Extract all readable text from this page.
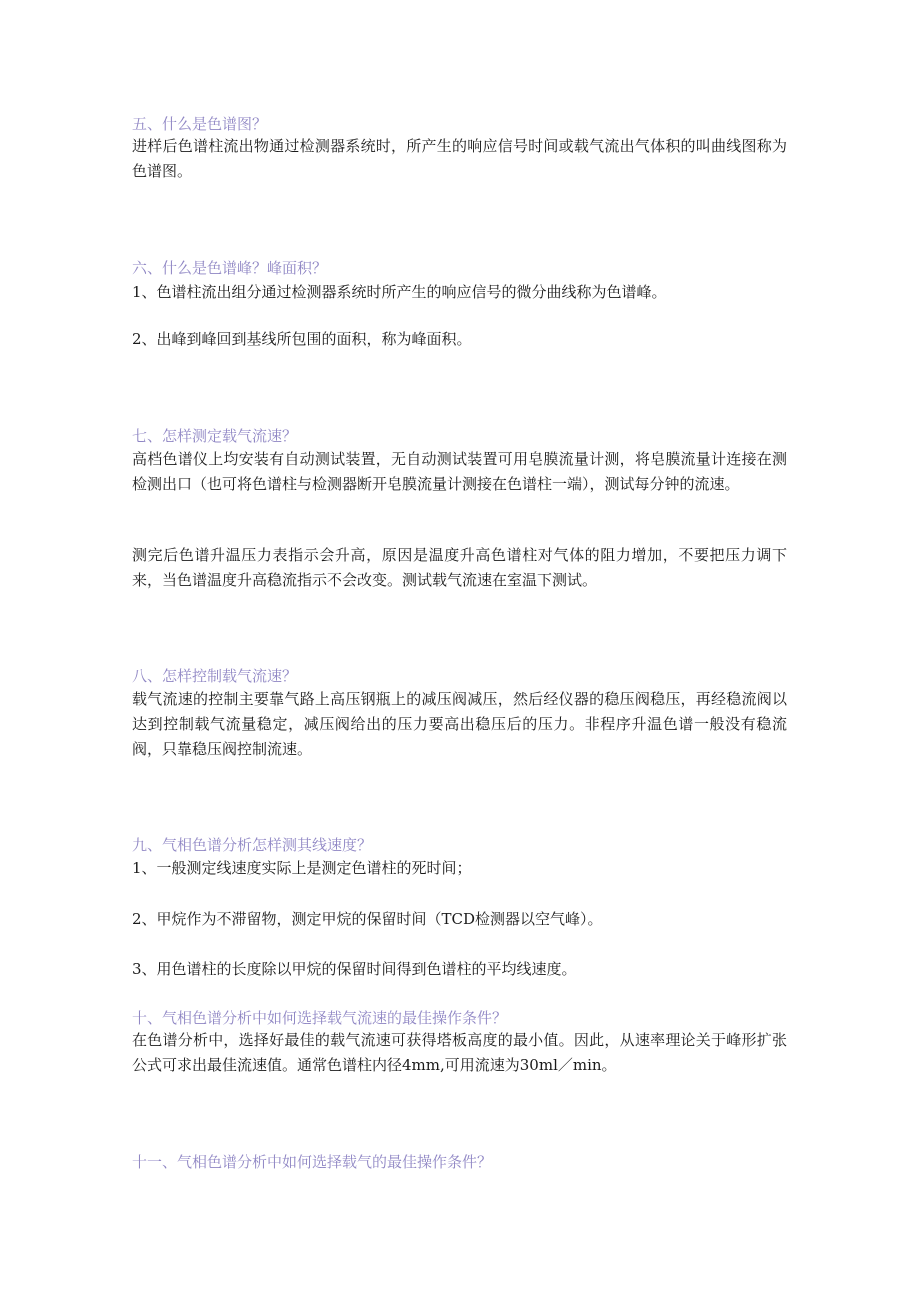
五、什么是色谱图？

进样后色谱柱流出物通过检测器系统时，所产生的响应信号时间或载气流出气体积的叫曲线图称为色谱图。

六、什么是色谱峰？峰面积？

1、色谱柱流出组分通过检测器系统时所产生的响应信号的微分曲线称为色谱峰。

2、出峰到峰回到基线所包围的面积，称为峰面积。

七、怎样测定载气流速？

高档色谱仪上均安装有自动测试装置，无自动测试装置可用皂膜流量计测，将皂膜流量计连接在测检测出口（也可将色谱柱与检测器断开皂膜流量计测接在色谱柱一端），测试每分钟的流速。

测完后色谱升温压力表指示会升高，原因是温度升高色谱柱对气体的阻力增加，不要把压力调下来，当色谱温度升高稳流指示不会改变。测试载气流速在室温下测试。

八、怎样控制载气流速？

载气流速的控制主要靠气路上高压钢瓶上的减压阀减压，然后经仪器的稳压阀稳压，再经稳流阀以达到控制载气流量稳定，减压阀给出的压力要高出稳压后的压力。非程序升温色谱一般没有稳流阀，只靠稳压阀控制流速。

九、气相色谱分析怎样测其线速度？

1、一般测定线速度实际上是测定色谱柱的死时间；

2、甲烷作为不滞留物，测定甲烷的保留时间（TCD检测器以空气峰）。

3、用色谱柱的长度除以甲烷的保留时间得到色谱柱的平均线速度。

十、气相色谱分析中如何选择载气流速的最佳操作条件？

在色谱分析中，选择好最佳的载气流速可获得塔板高度的最小值。因此，从速率理论关于峰形扩张公式可求出最佳流速值。通常色谱柱内径4mm,可用流速为30ml／min。

十一、气相色谱分析中如何选择载气的最佳操作条件？
